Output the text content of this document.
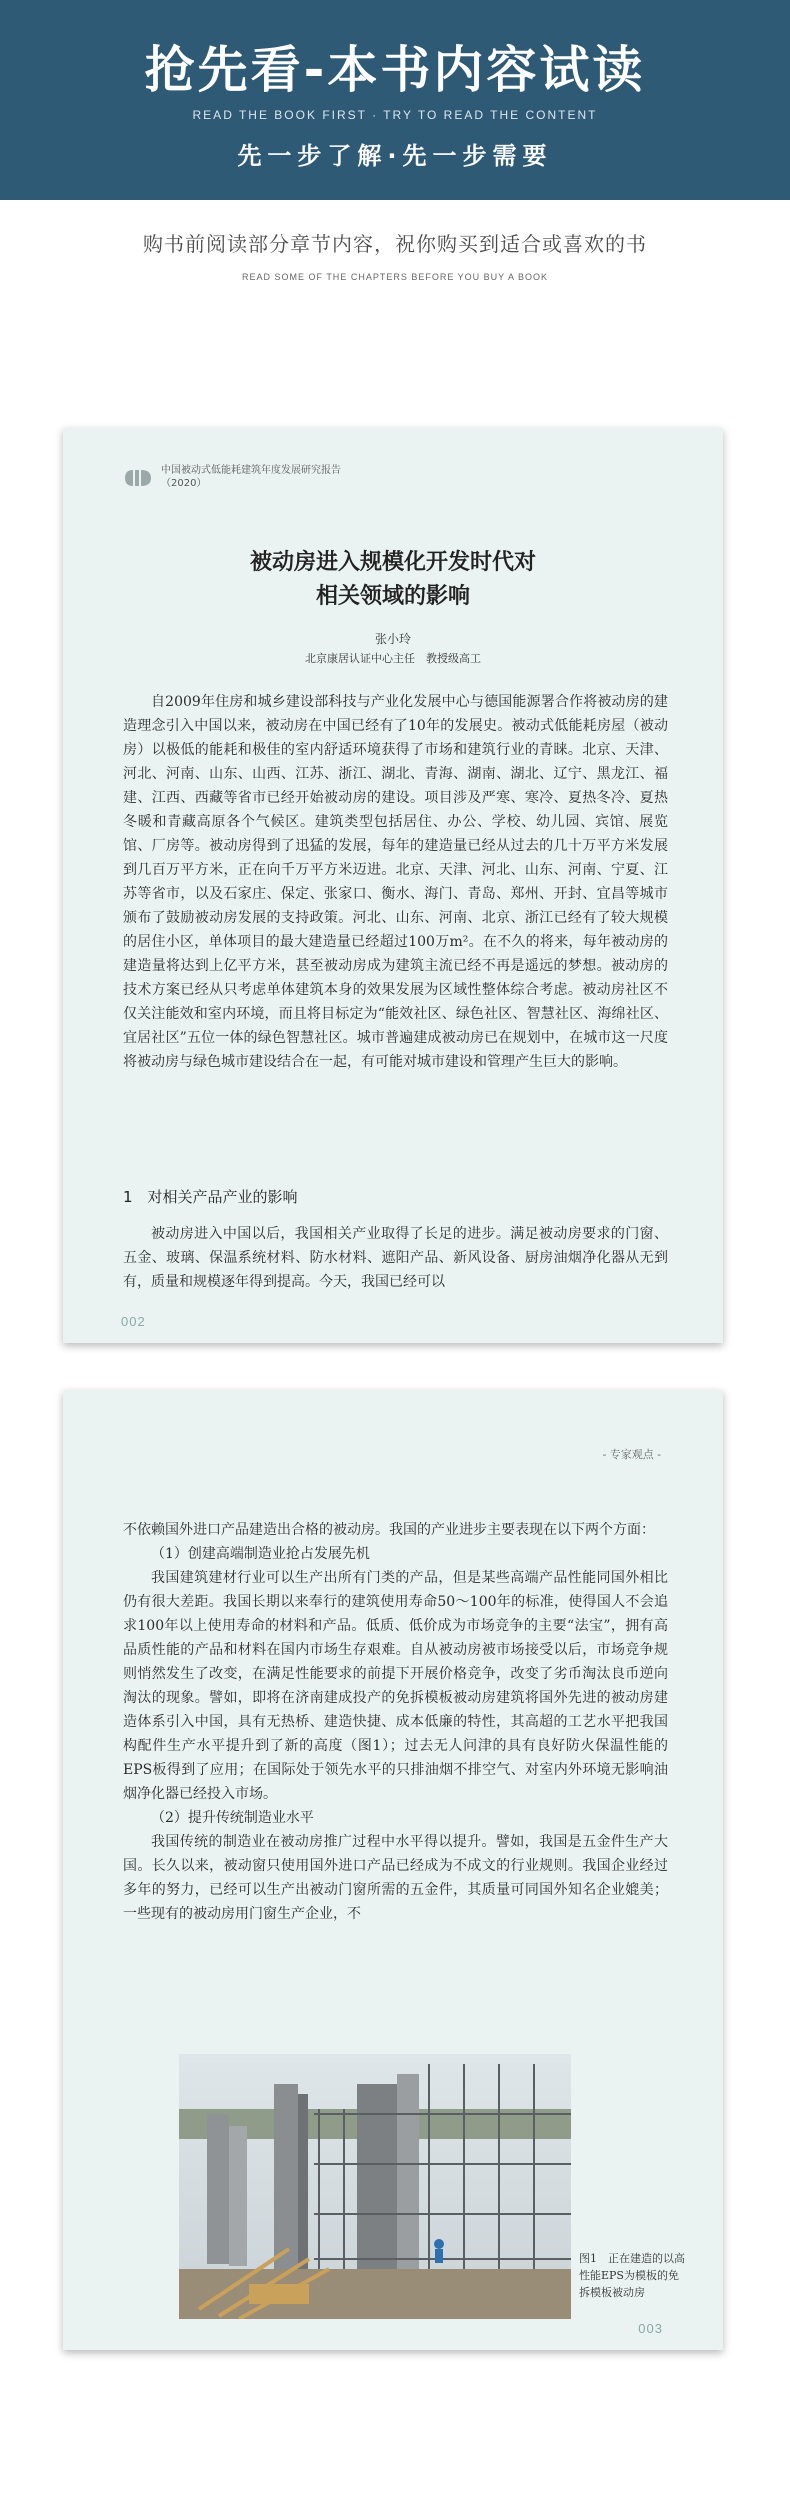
抢先看-本书内容试读
READ THE BOOK FIRST · TRY TO READ THE CONTENT
先一步了解·先一步需要
购书前阅读部分章节内容，祝你购买到适合或喜欢的书
READ SOME OF THE CHAPTERS BEFORE YOU BUY A BOOK
中国被动式低能耗建筑年度发展研究报告
（2020）
被动房进入规模化开发时代对
相关领域的影响
张小玲
北京康居认证中心主任　教授级高工

自2009年住房和城乡建设部科技与产业化发展中心与德国能源署合作将被动房的建造理念引入中国以来，被动房在中国已经有了10年的发展史。被动式低能耗房屋（被动房）以极低的能耗和极佳的室内舒适环境获得了市场和建筑行业的青睐。北京、天津、河北、河南、山东、山西、江苏、浙江、湖北、青海、湖南、湖北、辽宁、黑龙江、福建、江西、西藏等省市已经开始被动房的建设。项目涉及严寒、寒冷、夏热冬冷、夏热冬暖和青藏高原各个气候区。建筑类型包括居住、办公、学校、幼儿园、宾馆、展览馆、厂房等。被动房得到了迅猛的发展，每年的建造量已经从过去的几十万平方米发展到几百万平方米，正在向千万平方米迈进。北京、天津、河北、山东、河南、宁夏、江苏等省市，以及石家庄、保定、张家口、衡水、海门、青岛、郑州、开封、宜昌等城市颁布了鼓励被动房发展的支持政策。河北、山东、河南、北京、浙江已经有了较大规模的居住小区，单体项目的最大建造量已经超过100万m²。在不久的将来，每年被动房的建造量将达到上亿平方米，甚至被动房成为建筑主流已经不再是遥远的梦想。被动房的技术方案已经从只考虑单体建筑本身的效果发展为区域性整体综合考虑。被动房社区不仅关注能效和室内环境，而且将目标定为“能效社区、绿色社区、智慧社区、海绵社区、宜居社区”五位一体的绿色智慧社区。城市普遍建成被动房已在规划中，在城市这一尺度将被动房与绿色城市建设结合在一起，有可能对城市建设和管理产生巨大的影响。

1　对相关产品产业的影响

被动房进入中国以后，我国相关产业取得了长足的进步。满足被动房要求的门窗、五金、玻璃、保温系统材料、防水材料、遮阳产品、新风设备、厨房油烟净化器从无到有，质量和规模逐年得到提高。今天，我国已经可以

002
- 专家观点 -

不依赖国外进口产品建造出合格的被动房。我国的产业进步主要表现在以下两个方面：

（1）创建高端制造业抢占发展先机

我国建筑建材行业可以生产出所有门类的产品，但是某些高端产品性能同国外相比仍有很大差距。我国长期以来奉行的建筑使用寿命50～100年的标准，使得国人不会追求100年以上使用寿命的材料和产品。低质、低价成为市场竞争的主要“法宝”，拥有高品质性能的产品和材料在国内市场生存艰难。自从被动房被市场接受以后，市场竞争规则悄然发生了改变，在满足性能要求的前提下开展价格竞争，改变了劣币淘汰良币逆向淘汰的现象。譬如，即将在济南建成投产的免拆模板被动房建筑将国外先进的被动房建造体系引入中国，具有无热桥、建造快捷、成本低廉的特性，其高超的工艺水平把我国构配件生产水平提升到了新的高度（图1）；过去无人问津的具有良好防火保温性能的EPS板得到了应用；在国际处于领先水平的只排油烟不排空气、对室内外环境无影响油烟净化器已经投入市场。

（2）提升传统制造业水平

我国传统的制造业在被动房推广过程中水平得以提升。譬如，我国是五金件生产大国。长久以来，被动窗只使用国外进口产品已经成为不成文的行业规则。我国企业经过多年的努力，已经可以生产出被动门窗所需的五金件，其质量可同国外知名企业媲美；一些现有的被动房用门窗生产企业，不

图1　正在建造的以高性能EPS为模板的免拆模板被动房
003
